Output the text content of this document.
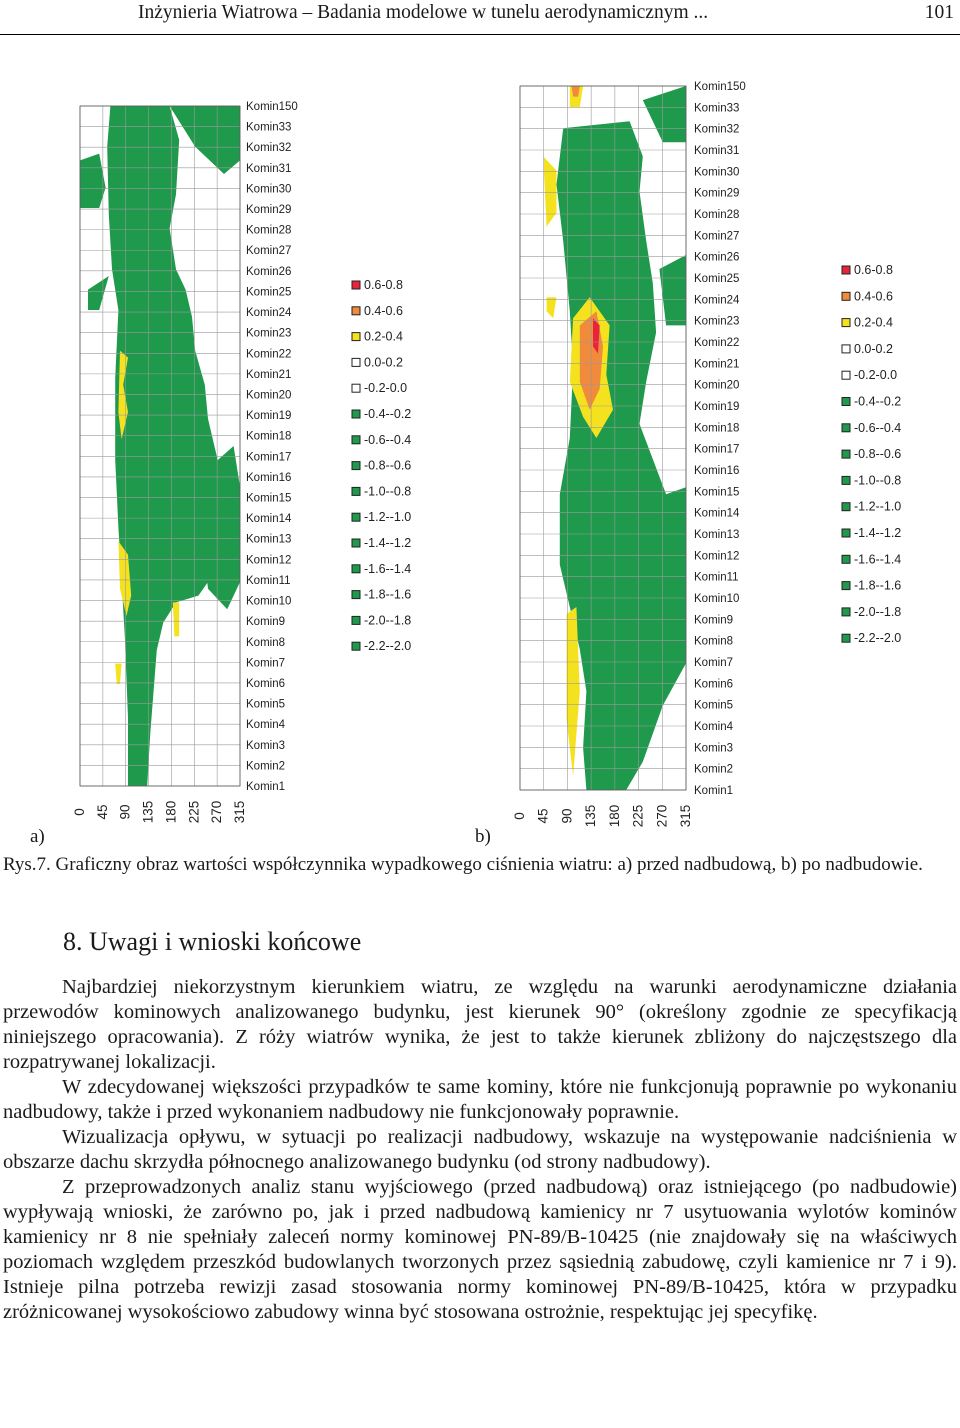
Inżynieria Wiatrowa – Badania modelowe w tunelu aerodynamicznym ...	101
Komin150
Komin33
Komin32
Komin31
Komin30
Komin29
Komin28
Komin27
Komin26
Komin25
Komin24
Komin23
Komin22
Komin21
Komin20
Komin19
Komin18
Komin17
Komin16
Komin15
Komin14
Komin13
Komin12
Komin11
Komin10
Komin9
Komin8
Komin7
Komin6
Komin5
Komin4
Komin3
Komin2
Komin1
0 45 90 135 180 225 270 315
Komin150
Komin33
Komin32
Komin31
Komin30
Komin29
Komin28
Komin27
Komin26
Komin25
Komin24
Komin23
Komin22
Komin21
Komin20
Komin19
Komin18
Komin17
Komin16
Komin15
Komin14
Komin13
Komin12
Komin11
Komin10
Komin9
Komin8
Komin7
Komin6
Komin5
Komin4
Komin3
Komin2
Komin1
0 45 90 135 180 225 270 315
0.6-0.8
0.4-0.6
0.2-0.4
0.0-0.2
-0.2-0.0
-0.4--0.2
-0.6--0.4
-0.8--0.6
-1.0--0.8
-1.2--1.0
-1.4--1.2
-1.6--1.4
-1.8--1.6
-2.0--1.8
-2.2--2.0
0.6-0.8
0.4-0.6
0.2-0.4
0.0-0.2
-0.2-0.0
-0.4--0.2
-0.6--0.4
-0.8--0.6
-1.0--0.8
-1.2--1.0
-1.4--1.2
-1.6--1.4
-1.8--1.6
-2.0--1.8
-2.2--2.0
a)	b)
Rys.7. Graficzny obraz wartości współczynnika wypadkowego ciśnienia wiatru: a) przed nadbudową, b) po nadbudowie.
8. Uwagi i wnioski końcowe

Najbardziej niekorzystnym kierunkiem wiatru, ze względu na warunki aerodynamiczne działania przewodów kominowych analizowanego budynku, jest kierunek 90° (określony zgodnie ze specyfikacją niniejszego opracowania). Z róży wiatrów wynika, że jest to także kierunek zbliżony do najczęstszego dla rozpatrywanej lokalizacji.

W zdecydowanej większości przypadków te same kominy, które nie funkcjonują poprawnie po wykonaniu nadbudowy, także i przed wykonaniem nadbudowy nie funkcjonowały poprawnie.

Wizualizacja opływu, w sytuacji po realizacji nadbudowy, wskazuje na występowanie nadciśnienia w obszarze dachu skrzydła północnego analizowanego budynku (od strony nadbudowy).

Z przeprowadzonych analiz stanu wyjściowego (przed nadbudową) oraz istniejącego (po nadbudowie) wypływają wnioski, że zarówno po, jak i przed nadbudową kamienicy nr 7 usytuowania wylotów kominów kamienicy nr 8 nie spełniały zaleceń normy kominowej PN-89/B-10425 (nie znajdowały się na właściwych poziomach względem przeszkód budowlanych tworzonych przez sąsiednią zabudowę, czyli kamienice nr 7 i 9). Istnieje pilna potrzeba rewizji zasad stosowania normy kominowej PN-89/B-10425, która w przypadku zróżnicowanej wysokościowo zabudowy winna być stosowana ostrożnie, respektując jej specyfikę.
